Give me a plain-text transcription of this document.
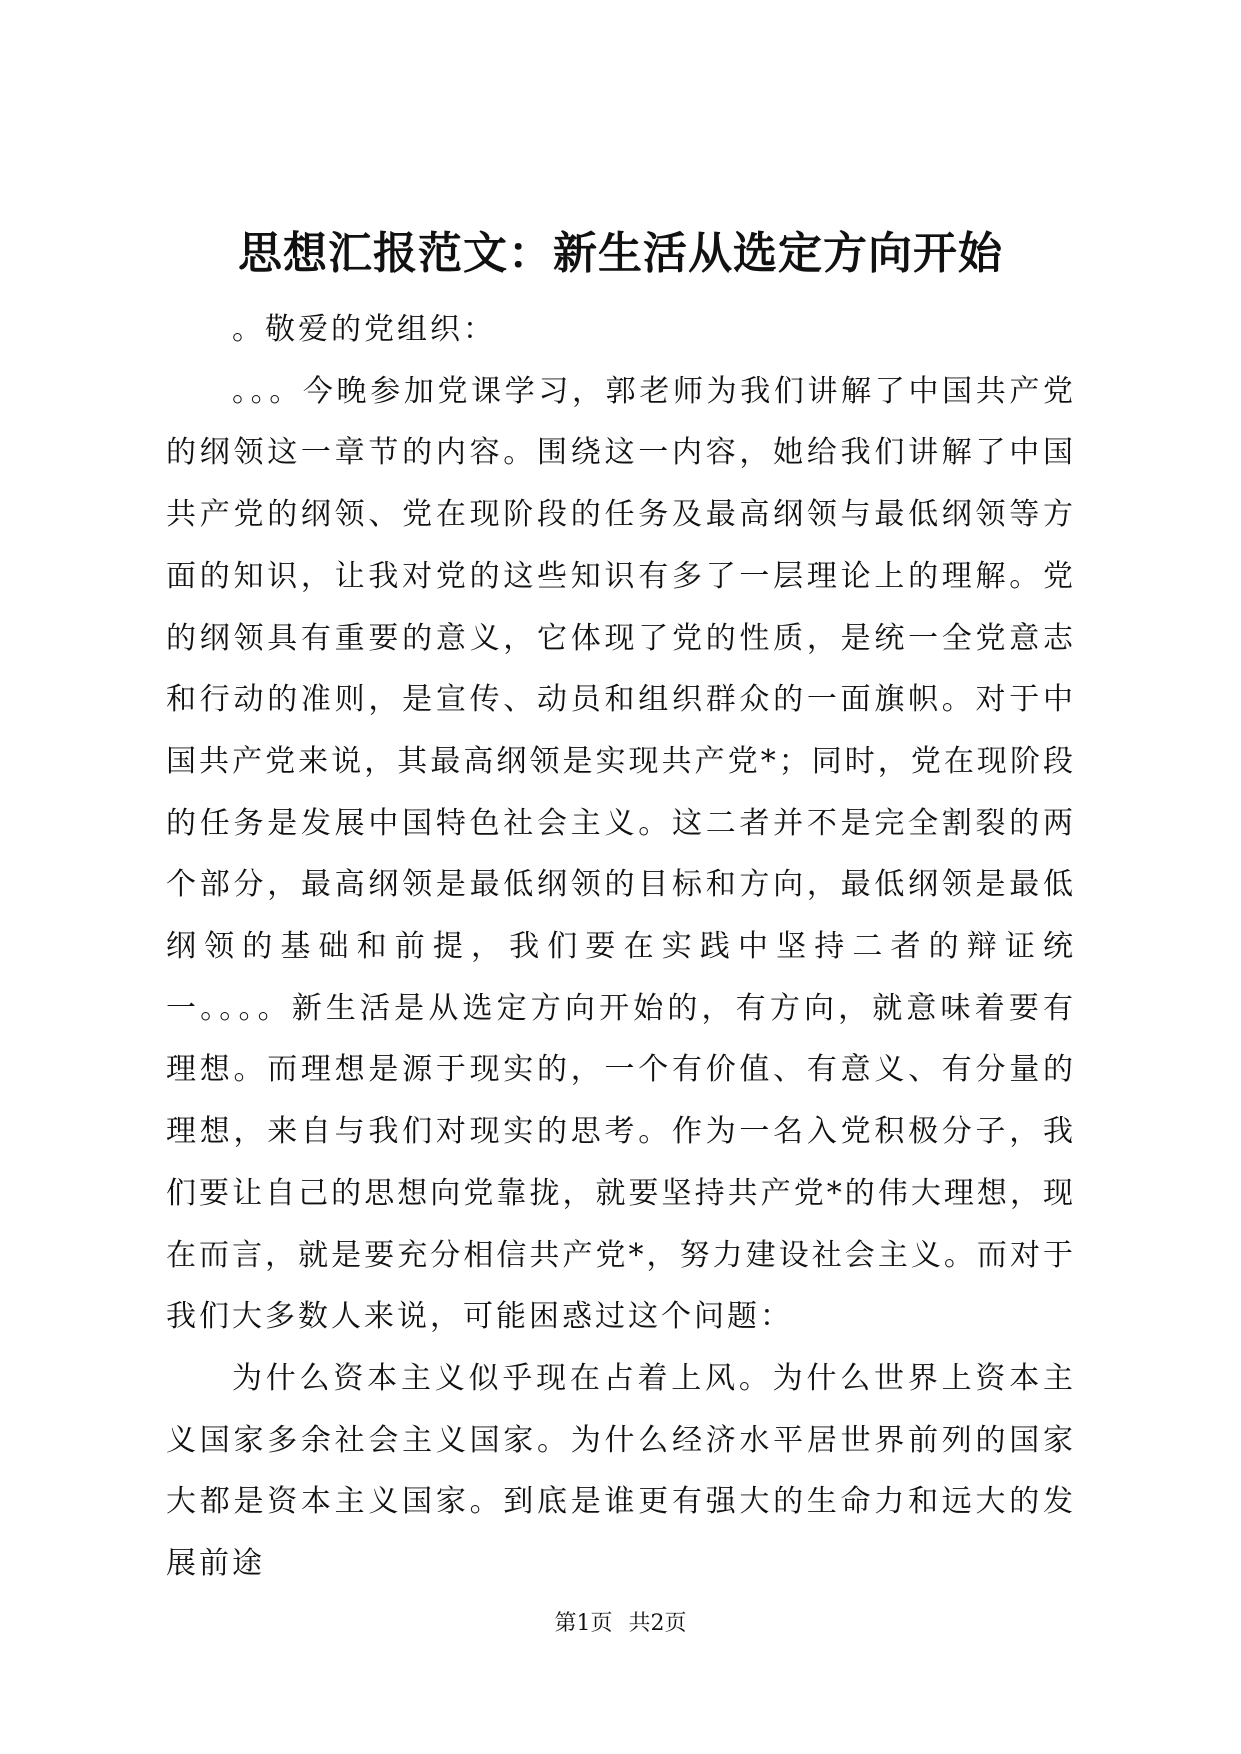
思想汇报范文：新生活从选定方向开始

。敬爱的党组织：

。。。今晚参加党课学习，郭老师为我们讲解了中国共产党的纲领这一章节的内容。围绕这一内容，她给我们讲解了中国共产党的纲领、党在现阶段的任务及最高纲领与最低纲领等方面的知识，让我对党的这些知识有多了一层理论上的理解。党的纲领具有重要的意义，它体现了党的性质，是统一全党意志和行动的准则，是宣传、动员和组织群众的一面旗帜。对于中国共产党来说，其最高纲领是实现共产党*；同时，党在现阶段的任务是发展中国特色社会主义。这二者并不是完全割裂的两个部分，最高纲领是最低纲领的目标和方向，最低纲领是最低纲领的基础和前提，我们要在实践中坚持二者的辩证统一。。。。新生活是从选定方向开始的，有方向，就意味着要有理想。而理想是源于现实的，一个有价值、有意义、有分量的理想，来自与我们对现实的思考。作为一名入党积极分子，我们要让自己的思想向党靠拢，就要坚持共产党*的伟大理想，现在而言，就是要充分相信共产党*，努力建设社会主义。而对于我们大多数人来说，可能困惑过这个问题：

为什么资本主义似乎现在占着上风。为什么世界上资本主义国家多余社会主义国家。为什么经济水平居世界前列的国家大都是资本主义国家。到底是谁更有强大的生命力和远大的发展前途

第1页 共2页
